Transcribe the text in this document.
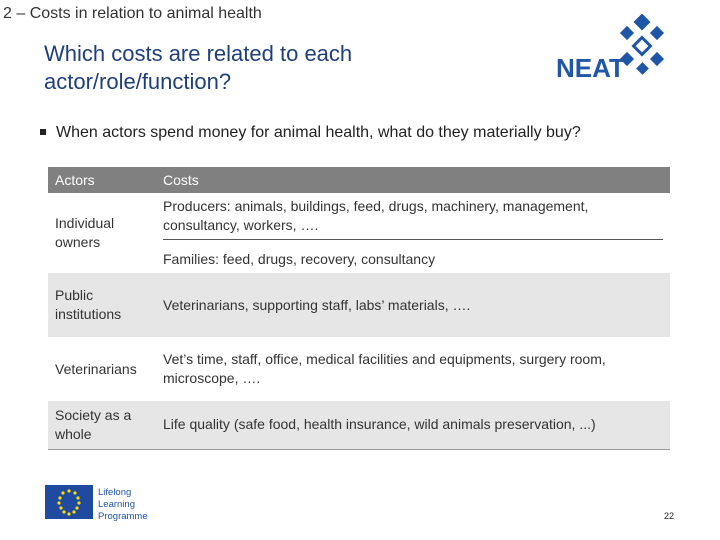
2 – Costs in relation to animal health
Which costs are related to each actor/role/function?	NEAT
When actors spend money for animal health, what do they materially buy?
Actors	Costs
Individual owners	Producers: animals, buildings, feed, drugs, machinery, management, consultancy, workers, ….
Families: feed, drugs, recovery, consultancy

Public institutions	Veterinarians, supporting staff, labs’ materials, ….
Veterinarians	Vet’s time, staff, office, medical facilities and equipments, surgery room, microscope, ….
Society as a whole	Life quality (safe food, health insurance, wild animals preservation, ...)
Lifelong
Learning
Programme	22
